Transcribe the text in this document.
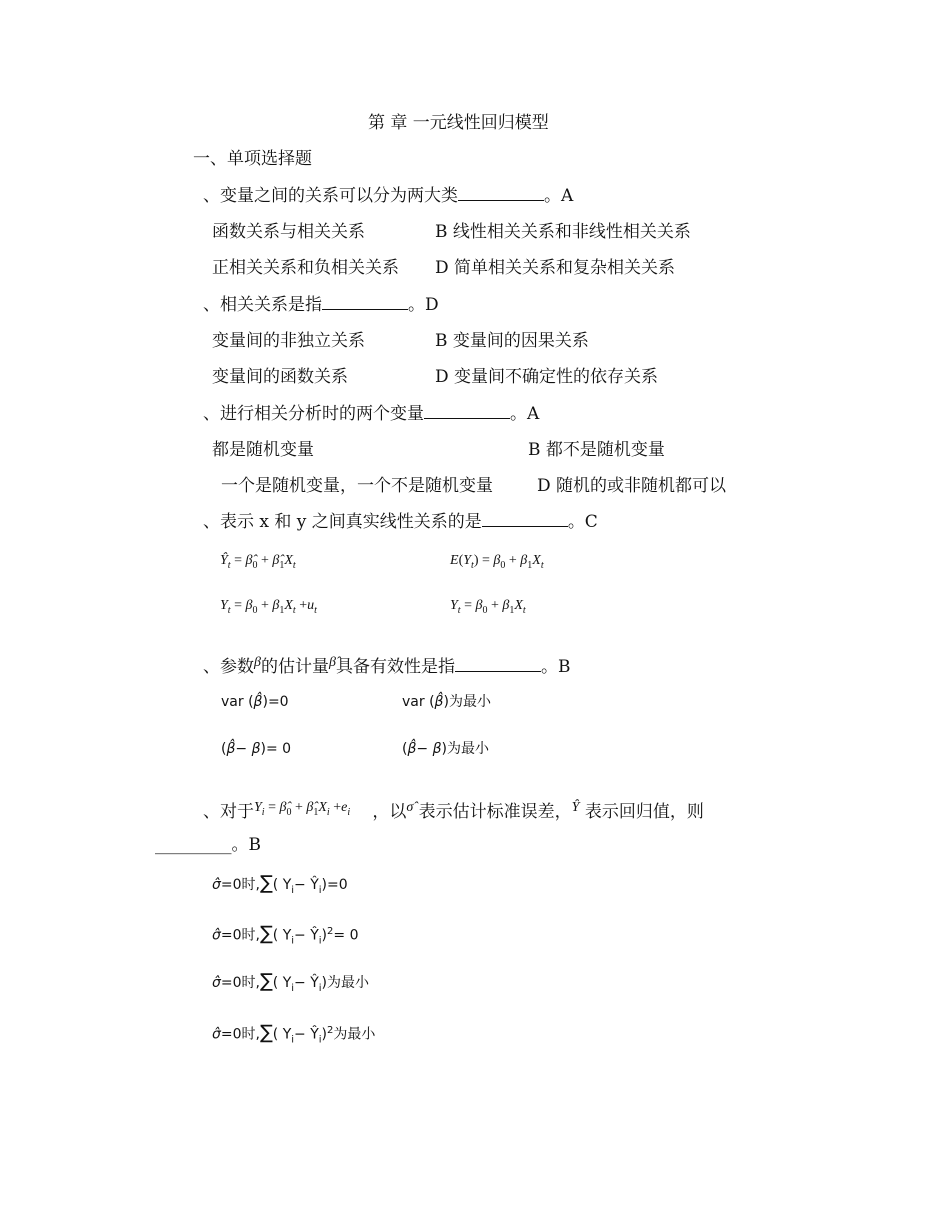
第 章 一元线性回归模型
一、单项选择题
、变量之间的关系可以分为两大类	。A
函数关系与相关关系	B 线性相关关系和非线性相关关系
正相关关系和负相关关系 D 简单相关关系和复杂相关关系
、相关关系是指	。D
变量间的非独立关系	B 变量间的因果关系
变量间的函数关系	D 变量间不确定性的依存关系
、进行相关分析时的两个变量	。A
都是随机变量	B 都不是随机变量
一个是随机变量，一个不是随机变量	D 随机的或非随机都可以
、表示 x 和 y 之间真实线性关系的是	。C
$Ŷ_t$ = $\betâ_0$ + $\betâ_1X_t$	$E(Y_t) = \beta_0 + \beta_1X_t$
$Y_t = \beta_0 + \beta_1X_t +u_t$	$Y_t = \beta_0 + \beta_1X_t$
、参数$^\beta$的估计量$^{\betâ}$具备有效性是指	。B
var (β̂)=0	var (β̂)为最小
(β̂− β)= 0	(β̂− β)为最小
、对于$^{Y_i = \betâ_0 + \betâ_1X_i +e_i}$ ，以$^{\sigmâ}$ 表示估计标准误差，$^Ŷ$ 表示回归值，则
_________。B
σ̂=0时,∑( $Y_i-$ $Ŷ_i)=0$
σ̂=0时,∑( $Y_i-$ $Ŷ_i)^2= 0$
σ̂=0时,∑( $Y_i-$ $Ŷ_i$)为最小
σ̂=0时,∑( $Y_i-$ $Ŷ_i)^2$为最小
